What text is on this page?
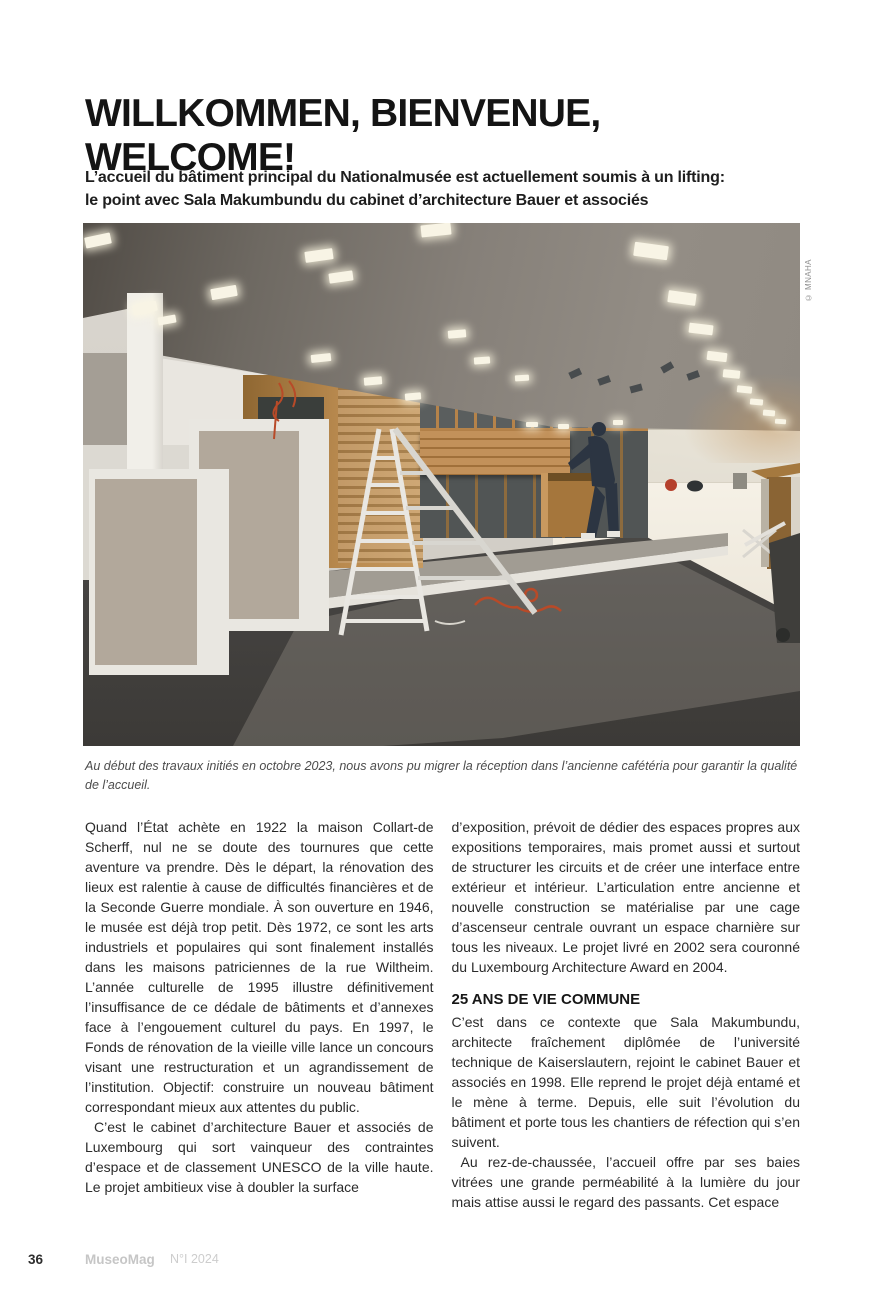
WILLKOMMEN, BIENVENUE,
WELCOME!
L’accueil du bâtiment principal du Nationalmusée est actuellement soumis à un lifting:
le point avec Sala Makumbundu du cabinet d’architecture Bauer et associés
© MNAHA
Au début des travaux initiés en octobre 2023, nous avons pu migrer la réception dans l’ancienne cafétéria pour garantir la qualité de l’accueil.

Quand l’État achète en 1922 la maison Collart-de Scherff, nul ne se doute des tournures que cette aventure va prendre. Dès le départ, la rénovation des lieux est ralentie à cause de difficultés financières et de la Seconde Guerre mondiale. À son ouverture en 1946, le musée est déjà trop petit. Dès 1972, ce sont les arts industriels et populaires qui sont finalement installés dans les maisons patriciennes de la rue Wiltheim. L’année culturelle de 1995 illustre définitivement l’insuffisance de ce dédale de bâtiments et d’annexes face à l’engouement culturel du pays. En 1997, le Fonds de rénovation de la vieille ville lance un concours visant une restructuration et un agrandissement de l’institution. Objectif: construire un nouveau bâtiment correspondant mieux aux attentes du public.

C’est le cabinet d’architecture Bauer et associés de Luxembourg qui sort vainqueur des contraintes d’espace et de classement UNESCO de la ville haute. Le projet ambitieux vise à doubler la surface

d’exposition, prévoit de dédier des espaces propres aux expositions temporaires, mais promet aussi et surtout de structurer les circuits et de créer une interface entre extérieur et intérieur. L’articulation entre ancienne et nouvelle construction se matérialise par une cage d’ascenseur centrale ouvrant un espace charnière sur tous les niveaux. Le projet livré en 2002 sera couronné du Luxembourg Architecture Award en 2004.

25 ANS DE VIE COMMUNE

C’est dans ce contexte que Sala Makumbundu, architecte fraîchement diplômée de l’université technique de Kaiserslautern, rejoint le cabinet Bauer et associés en 1998. Elle reprend le projet déjà entamé et le mène à terme. Depuis, elle suit l’évolution du bâtiment et porte tous les chantiers de réfection qui s’en suivent.

Au rez-de-chaussée, l’accueil offre par ses baies vitrées une grande perméabilité à la lumière du jour mais attise aussi le regard des passants. Cet espace

36	MuseoMag N°I 2024
